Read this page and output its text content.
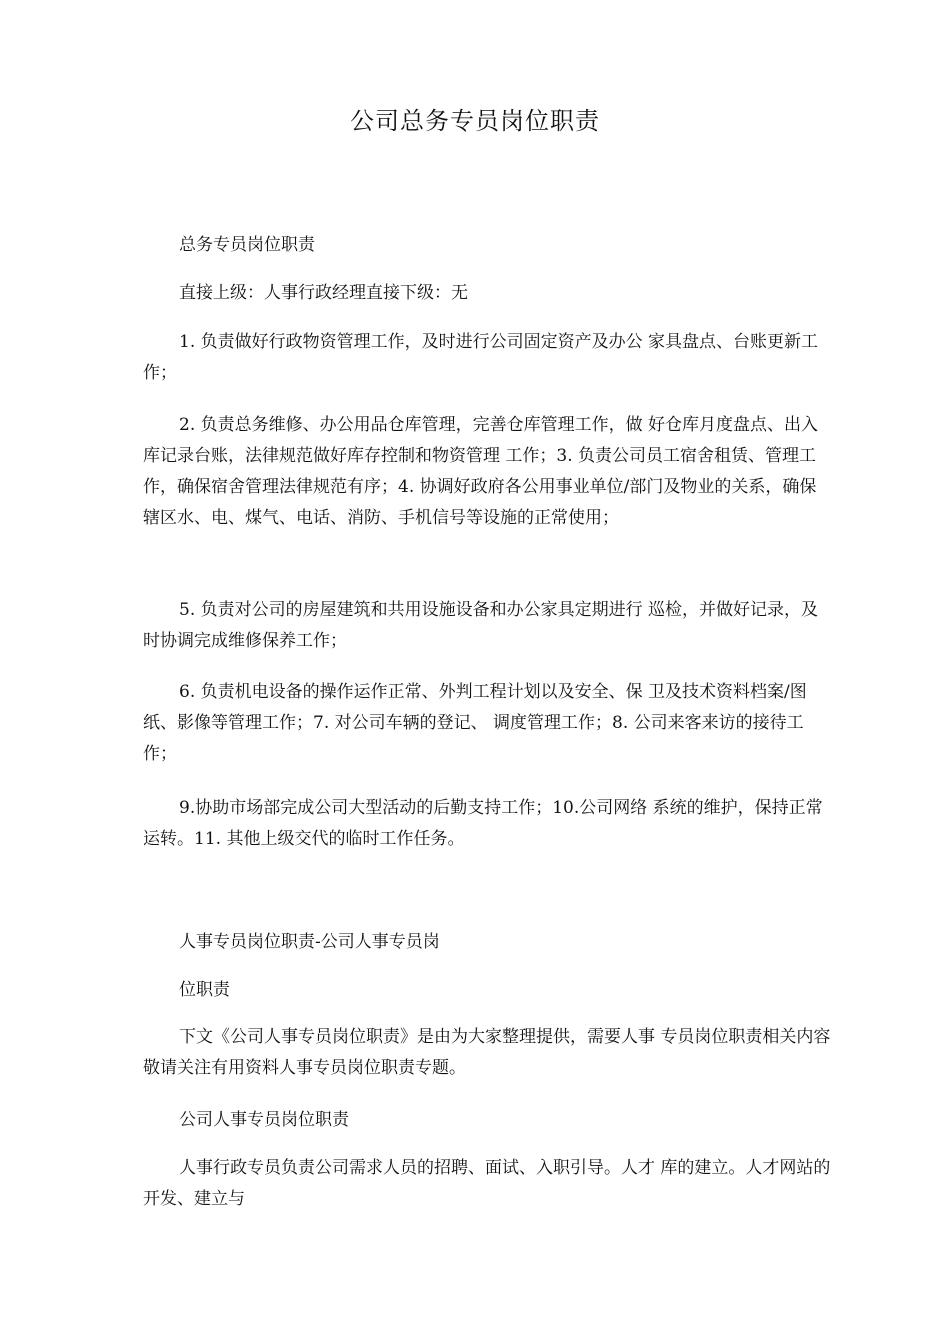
公司总务专员岗位职责

总务专员岗位职责

直接上级：人事行政经理直接下级：无

1. 负责做好行政物资管理工作，及时进行公司固定资产及办公 家具盘点、台账更新工作；

2. 负责总务维修、办公用品仓库管理，完善仓库管理工作，做 好仓库月度盘点、出入库记录台账，法律规范做好库存控制和物资管理 工作；3. 负责公司员工宿舍租赁、管理工作，确保宿舍管理法律规范有序；4. 协调好政府各公用事业单位/部门及物业的关系，确保辖区水、电、煤气、电话、消防、手机信号等设施的正常使用；

5. 负责对公司的房屋建筑和共用设施设备和办公家具定期进行 巡检，并做好记录，及时协调完成维修保养工作；

6. 负责机电设备的操作运作正常、外判工程计划以及安全、保 卫及技术资料档案/图纸、影像等管理工作；7. 对公司车辆的登记、 调度管理工作；8. 公司来客来访的接待工作；

9.协助市场部完成公司大型活动的后勤支持工作；10.公司网络 系统的维护，保持正常运转。11. 其他上级交代的临时工作任务。

人事专员岗位职责-公司人事专员岗

位职责

下文《公司人事专员岗位职责》是由为大家整理提供，需要人事 专员岗位职责相关内容敬请关注有用资料人事专员岗位职责专题。

公司人事专员岗位职责

人事行政专员负责公司需求人员的招聘、面试、入职引导。人才 库的建立。人才网站的开发、建立与
